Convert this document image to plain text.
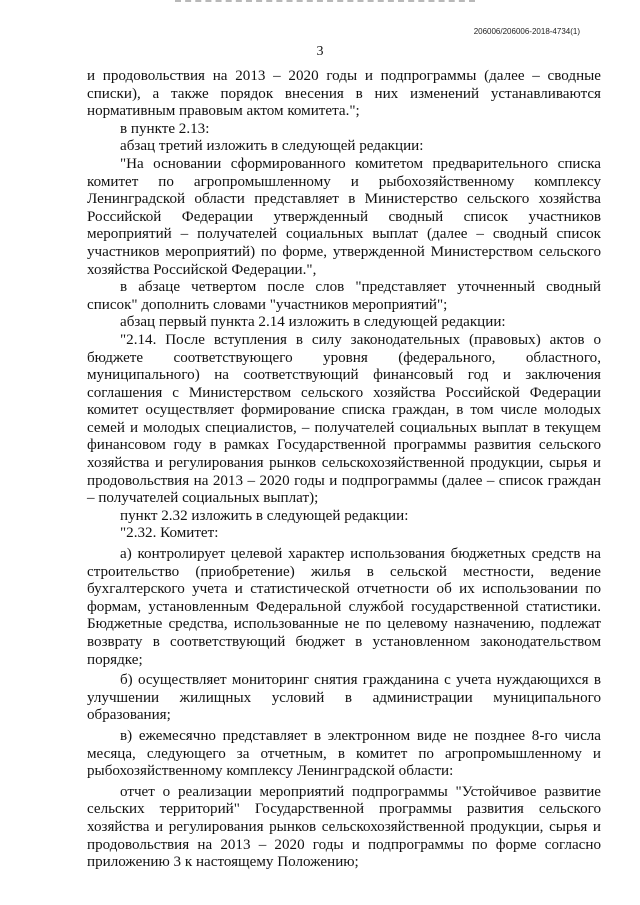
206006/206006-2018-4734(1)
3

и продовольствия на 2013 – 2020 годы и подпрограммы (далее – сводные списки), а также порядок внесения в них изменений устанавливаются нормативным правовым актом комитета.";

в пункте 2.13:

абзац третий изложить в следующей редакции:

"На основании сформированного комитетом предварительного списка комитет по агропромышленному и рыбохозяйственному комплексу Ленинградской области представляет в Министерство сельского хозяйства Российской Федерации утвержденный сводный список участников мероприятий – получателей социальных выплат (далее – сводный список участников мероприятий) по форме, утвержденной Министерством сельского хозяйства Российской Федерации.",

в абзаце четвертом после слов "представляет уточненный сводный список" дополнить словами "участников мероприятий";

абзац первый пункта 2.14 изложить в следующей редакции:

"2.14. После вступления в силу законодательных (правовых) актов о бюджете соответствующего уровня (федерального, областного, муниципального) на соответствующий финансовый год и заключения соглашения с Министерством сельского хозяйства Российской Федерации комитет осуществляет формирование списка граждан, в том числе молодых семей и молодых специалистов, – получателей социальных выплат в текущем финансовом году в рамках Государственной программы развития сельского хозяйства и регулирования рынков сельскохозяйственной продукции, сырья и продовольствия на 2013 – 2020 годы и подпрограммы (далее – список граждан – получателей социальных выплат);

пункт 2.32 изложить в следующей редакции:

"2.32. Комитет:

а) контролирует целевой характер использования бюджетных средств на строительство (приобретение) жилья в сельской местности, ведение бухгалтерского учета и статистической отчетности об их использовании по формам, установленным Федеральной службой государственной статистики. Бюджетные средства, использованные не по целевому назначению, подлежат возврату в соответствующий бюджет в установленном законодательством порядке;

б) осуществляет мониторинг снятия гражданина с учета нуждающихся в улучшении жилищных условий в администрации муниципального образования;

в) ежемесячно представляет в электронном виде не позднее 8-го числа месяца, следующего за отчетным, в комитет по агропромышленному и рыбохозяйственному комплексу Ленинградской области:

отчет о реализации мероприятий подпрограммы "Устойчивое развитие сельских территорий" Государственной программы развития сельского хозяйства и регулирования рынков сельскохозяйственной продукции, сырья и продовольствия на 2013 – 2020 годы и подпрограммы по форме согласно приложению 3 к настоящему Положению;
